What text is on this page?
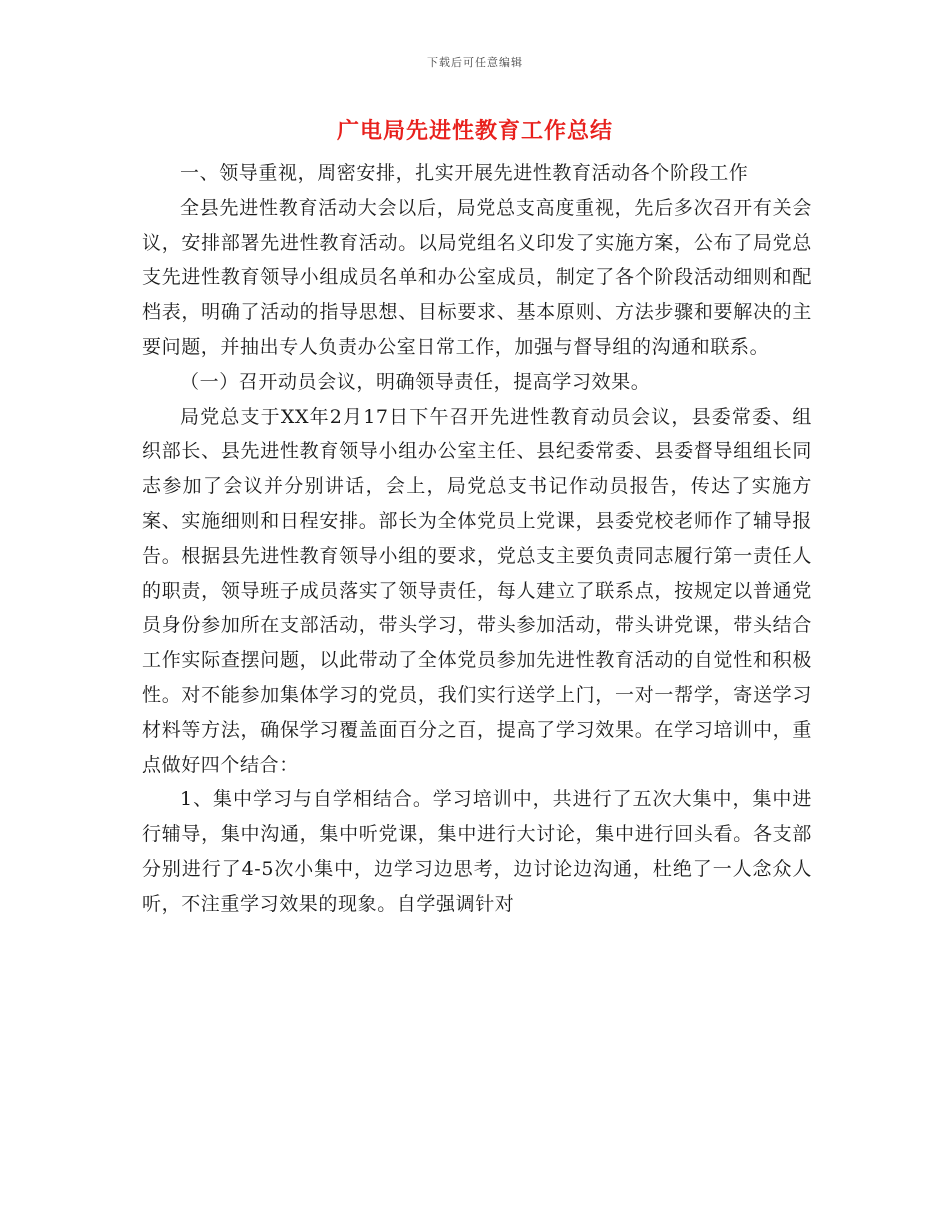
下载后可任意编辑
广电局先进性教育工作总结

一、领导重视，周密安排，扎实开展先进性教育活动各个阶段工作

全县先进性教育活动大会以后，局党总支高度重视，先后多次召开有关会议，安排部署先进性教育活动。以局党组名义印发了实施方案，公布了局党总支先进性教育领导小组成员名单和办公室成员，制定了各个阶段活动细则和配档表，明确了活动的指导思想、目标要求、基本原则、方法步骤和要解决的主要问题，并抽出专人负责办公室日常工作，加强与督导组的沟通和联系。

（一）召开动员会议，明确领导责任，提高学习效果。

局党总支于XX年2月17日下午召开先进性教育动员会议，县委常委、组织部长、县先进性教育领导小组办公室主任、县纪委常委、县委督导组组长同志参加了会议并分别讲话，会上，局党总支书记作动员报告，传达了实施方案、实施细则和日程安排。部长为全体党员上党课，县委党校老师作了辅导报告。根据县先进性教育领导小组的要求，党总支主要负责同志履行第一责任人的职责，领导班子成员落实了领导责任，每人建立了联系点，按规定以普通党员身份参加所在支部活动，带头学习，带头参加活动，带头讲党课，带头结合工作实际查摆问题，以此带动了全体党员参加先进性教育活动的自觉性和积极性。对不能参加集体学习的党员，我们实行送学上门，一对一帮学，寄送学习材料等方法，确保学习覆盖面百分之百，提高了学习效果。在学习培训中，重点做好四个结合：

1、集中学习与自学相结合。学习培训中，共进行了五次大集中，集中进行辅导，集中沟通，集中听党课，集中进行大讨论，集中进行回头看。各支部分别进行了4-5次小集中，边学习边思考，边讨论边沟通，杜绝了一人念众人听，不注重学习效果的现象。自学强调针对
